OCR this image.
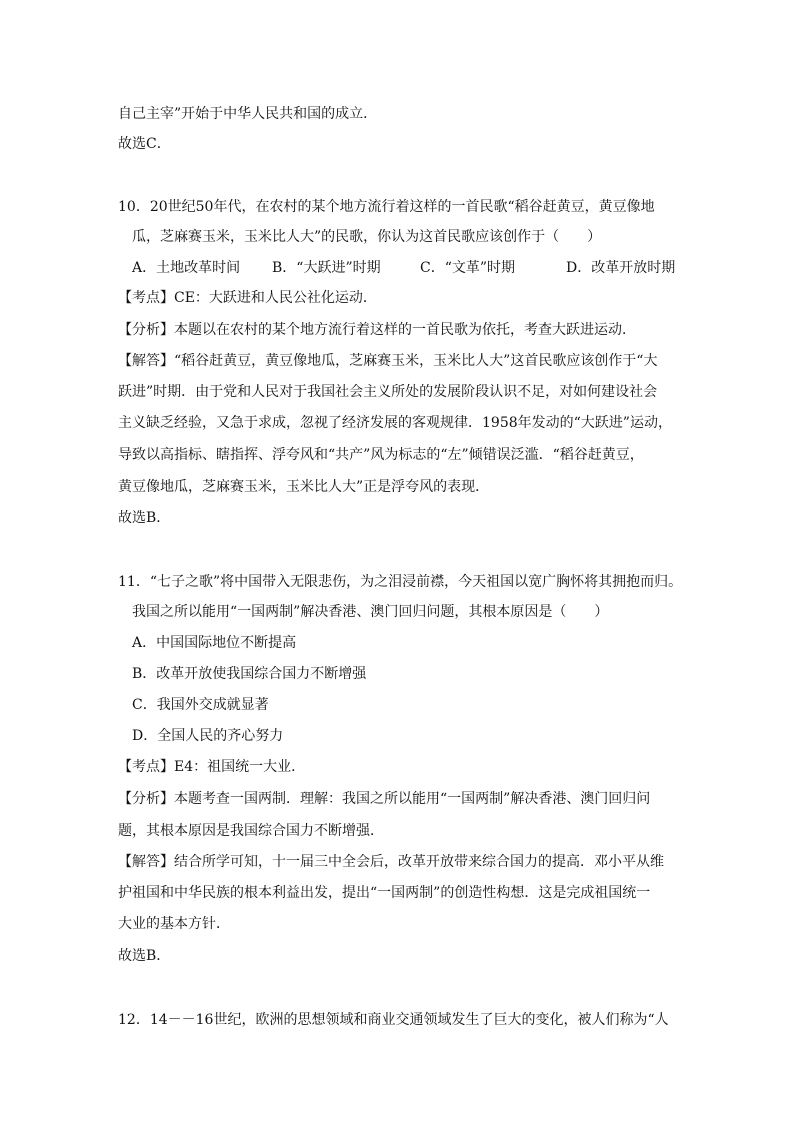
自己主宰”开始于中华人民共和国的成立．
故选C．
10．20世纪50年代，在农村的某个地方流行着这样的一首民歌“稻谷赶黄豆，黄豆像地
瓜，芝麻赛玉米，玉米比人大”的民歌，你认为这首民歌应该创作于（　　）
A．土地改革时间 B．“大跃进”时期	C．“文革”时期	D．改革开放时期
【考点】CE：大跃进和人民公社化运动．
【分析】本题以在农村的某个地方流行着这样的一首民歌为依托，考查大跃进运动．
【解答】“稻谷赶黄豆，黄豆像地瓜，芝麻赛玉米，玉米比人大”这首民歌应该创作于“大
跃进”时期．由于党和人民对于我国社会主义所处的发展阶段认识不足，对如何建设社会
主义缺乏经验，又急于求成，忽视了经济发展的客观规律．1958年发动的“大跃进”运动，
导致以高指标、瞎指挥、浮夸风和“共产”风为标志的“左”倾错误泛滥．“稻谷赶黄豆，
黄豆像地瓜，芝麻赛玉米，玉米比人大”正是浮夸风的表现．
故选B．
11．“七子之歌”将中国带入无限悲伤，为之泪浸前襟，今天祖国以宽广胸怀将其拥抱而归。
我国之所以能用“一国两制”解决香港、澳门回归问题，其根本原因是（　　）
A．中国国际地位不断提高
B．改革开放使我国综合国力不断增强
C．我国外交成就显著
D．全国人民的齐心努力
【考点】E4：祖国统一大业．
【分析】本题考查一国两制．理解：我国之所以能用“一国两制”解决香港、澳门回归问
题，其根本原因是我国综合国力不断增强．
【解答】结合所学可知，十一届三中全会后，改革开放带来综合国力的提高．邓小平从维
护祖国和中华民族的根本利益出发，提出“一国两制”的创造性构想．这是完成祖国统一
大业的基本方针．
故选B．
12．14－－16世纪，欧洲的思想领域和商业交通领域发生了巨大的变化，被人们称为“人
